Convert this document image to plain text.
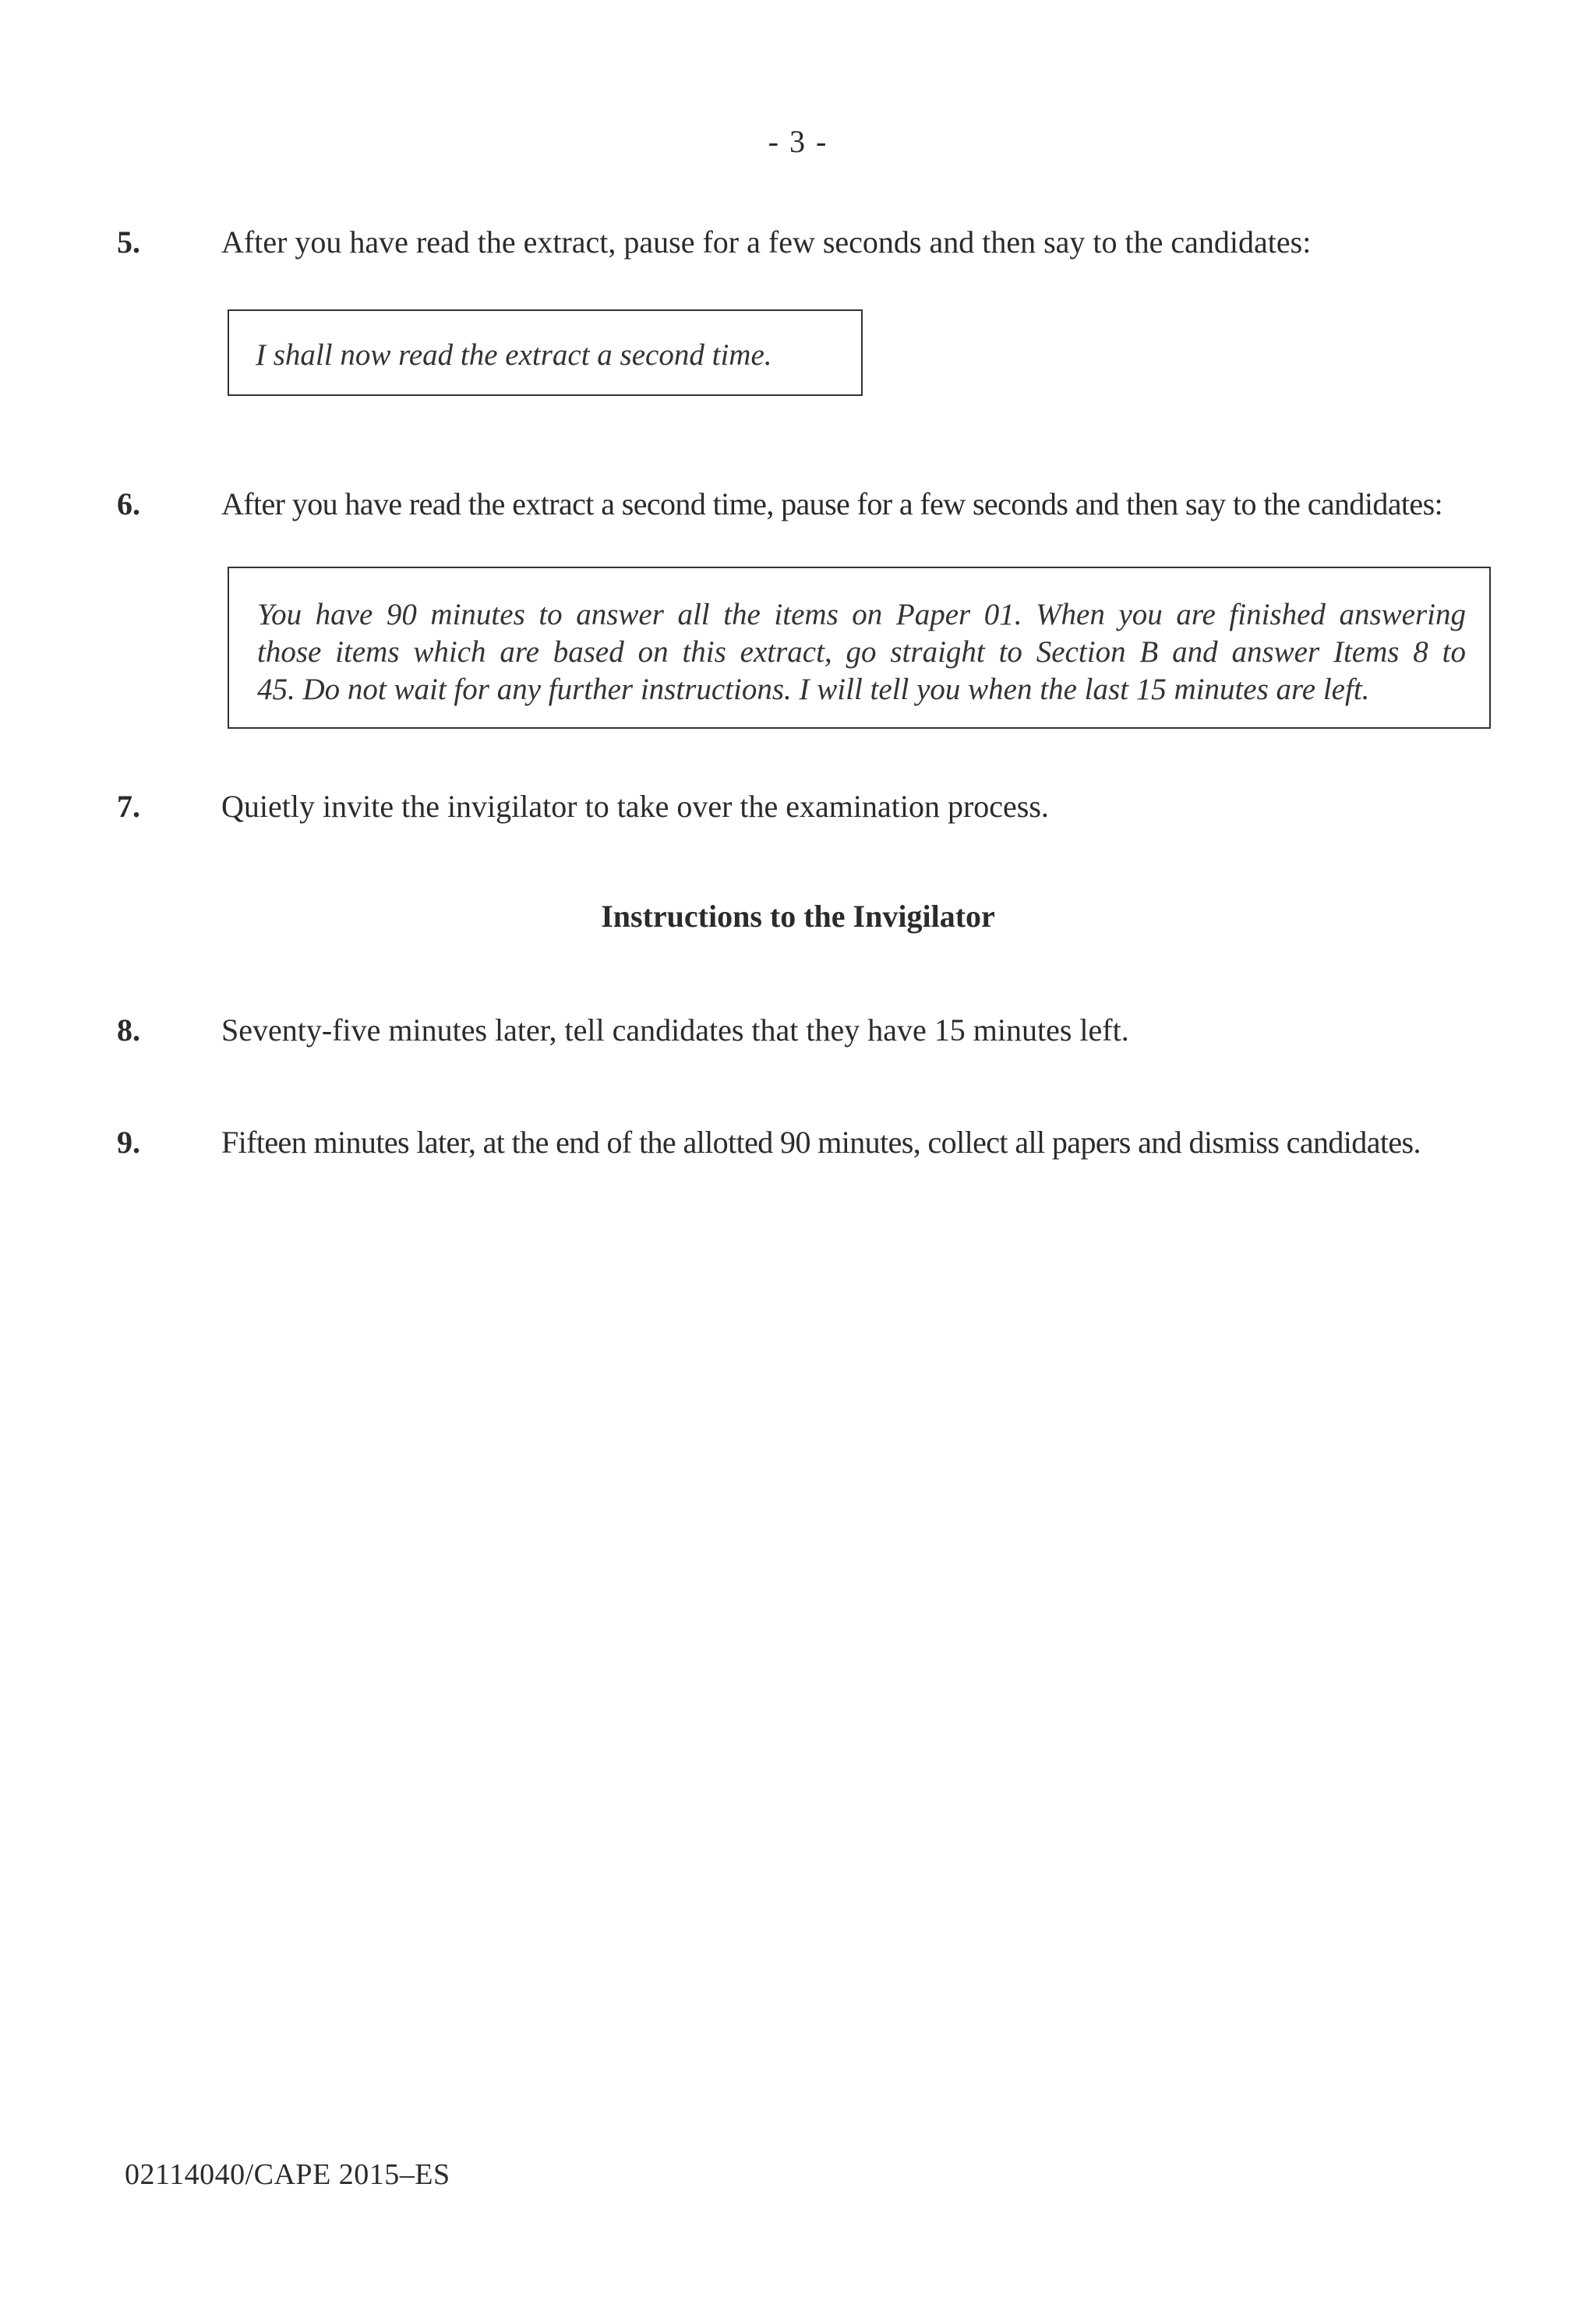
- 3 -
5.	After you have read the extract, pause for a few seconds and then say to the candidates:
I shall now read the extract a second time.
6.	After you have read the extract a second time, pause for a few seconds and then say to the candidates:
You have 90 minutes to answer all the items on Paper 01. When you are finished answering
those items which are based on this extract, go straight to Section B and answer Items 8 to
45. Do not wait for any further instructions. I will tell you when the last 15 minutes are left.
7.	Quietly invite the invigilator to take over the examination process.
Instructions to the Invigilator
8.	Seventy-five minutes later, tell candidates that they have 15 minutes left.
9.	Fifteen minutes later, at the end of the allotted 90 minutes, collect all papers and dismiss candidates.
02114040/CAPE 2015–ES
